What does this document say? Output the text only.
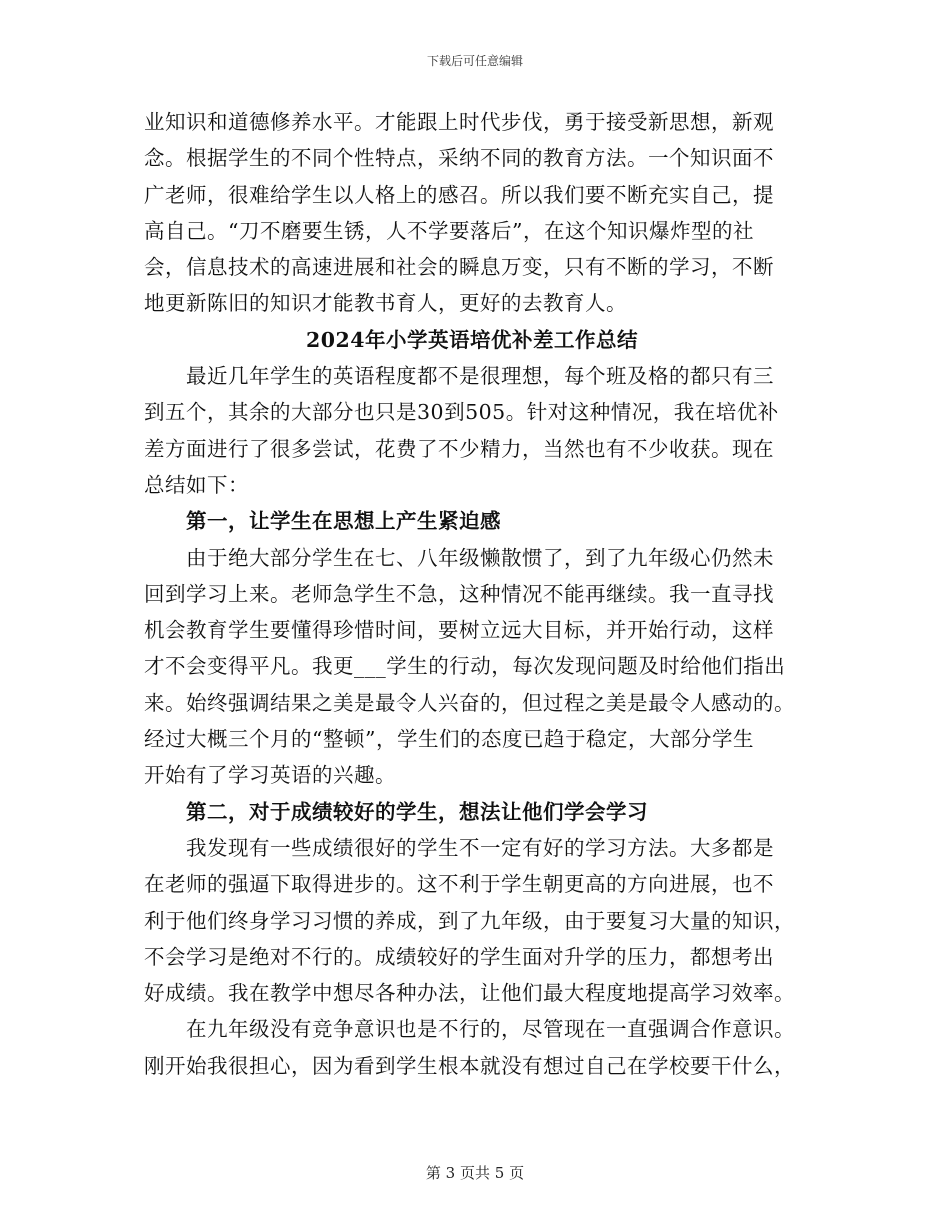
下载后可任意编辑
业知识和道德修养水平。才能跟上时代步伐，勇于接受新思想，新观
念。根据学生的不同个性特点，采纳不同的教育方法。一个知识面不
广老师，很难给学生以人格上的感召。所以我们要不断充实自己，提
高自己。“刀不磨要生锈，人不学要落后”，在这个知识爆炸型的社
会，信息技术的高速进展和社会的瞬息万变，只有不断的学习，不断
地更新陈旧的知识才能教书育人，更好的去教育人。
2024年小学英语培优补差工作总结
最近几年学生的英语程度都不是很理想，每个班及格的都只有三
到五个，其余的大部分也只是30到505。针对这种情况，我在培优补
差方面进行了很多尝试，花费了不少精力，当然也有不少收获。现在
总结如下：
第一，让学生在思想上产生紧迫感
由于绝大部分学生在七、八年级懒散惯了，到了九年级心仍然未
回到学习上来。老师急学生不急，这种情况不能再继续。我一直寻找
机会教育学生要懂得珍惜时间，要树立远大目标，并开始行动，这样
才不会变得平凡。我更___学生的行动，每次发现问题及时给他们指出
来。始终强调结果之美是最令人兴奋的，但过程之美是最令人感动的。
经过大概三个月的“整顿”，学生们的态度已趋于稳定，大部分学生
开始有了学习英语的兴趣。
第二，对于成绩较好的学生，想法让他们学会学习
我发现有一些成绩很好的学生不一定有好的学习方法。大多都是
在老师的强逼下取得进步的。这不利于学生朝更高的方向进展，也不
利于他们终身学习习惯的养成，到了九年级，由于要复习大量的知识，
不会学习是绝对不行的。成绩较好的学生面对升学的压力，都想考出
好成绩。我在教学中想尽各种办法，让他们最大程度地提高学习效率。
在九年级没有竞争意识也是不行的，尽管现在一直强调合作意识。
刚开始我很担心，因为看到学生根本就没有想过自己在学校要干什么，
第 3 页共 5 页
